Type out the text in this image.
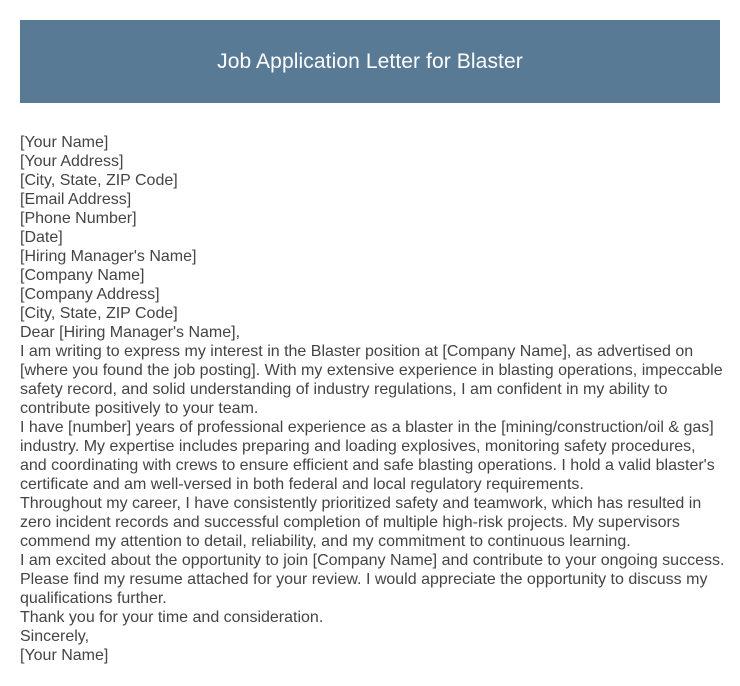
Job Application Letter for Blaster

[Your Name]

[Your Address]

[City, State, ZIP Code]

[Email Address]

[Phone Number]

[Date]

[Hiring Manager's Name]

[Company Name]

[Company Address]

[City, State, ZIP Code]

Dear [Hiring Manager's Name],

I am writing to express my interest in the Blaster position at [Company Name], as advertised on [where you found the job posting]. With my extensive experience in blasting operations, impeccable safety record, and solid understanding of industry regulations, I am confident in my ability to contribute positively to your team.

I have [number] years of professional experience as a blaster in the [mining/construction/oil & gas] industry. My expertise includes preparing and loading explosives, monitoring safety procedures, and coordinating with crews to ensure efficient and safe blasting operations. I hold a valid blaster's certificate and am well-versed in both federal and local regulatory requirements.

Throughout my career, I have consistently prioritized safety and teamwork, which has resulted in zero incident records and successful completion of multiple high-risk projects. My supervisors commend my attention to detail, reliability, and my commitment to continuous learning.

I am excited about the opportunity to join [Company Name] and contribute to your ongoing success. Please find my resume attached for your review. I would appreciate the opportunity to discuss my qualifications further.

Thank you for your time and consideration.

Sincerely,

[Your Name]
